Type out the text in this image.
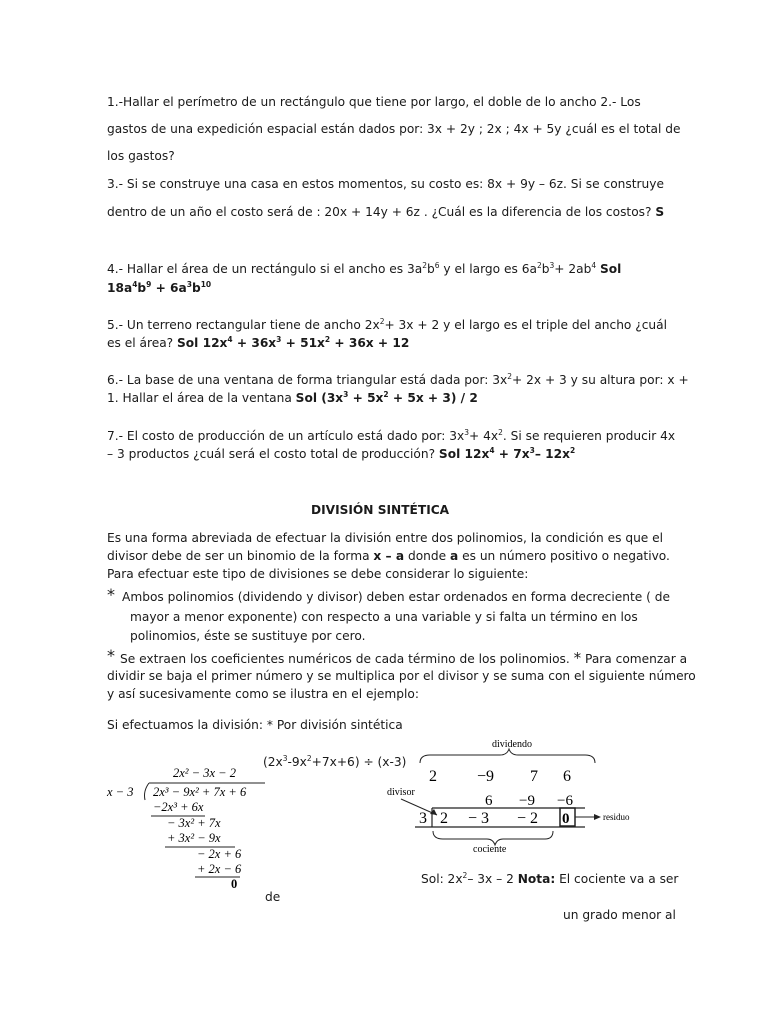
1.-Hallar el perímetro de un rectángulo que tiene por largo, el doble de lo ancho 2.- Los
gastos de una expedición espacial están dados por: 3x + 2y ; 2x ; 4x + 5y ¿cuál es el total de
los gastos?
3.- Si se construye una casa en estos momentos, su costo es: 8x + 9y – 6z. Si se construye
dentro de un año el costo será de : 20x + 14y + 6z . ¿Cuál es la diferencia de los costos? S
4.- Hallar el área de un rectángulo si el ancho es $3a^2b^6$ y el largo es $6a^2b^3+ 2ab^4$ Sol
$18a^4b^9 + 6a^3b^{10}$
5.- Un terreno rectangular tiene de ancho $2x^2+ 3x + 2$ y el largo es el triple del ancho ¿cuál
es el área? Sol $12x^4 + 36x^3 + 51x^2 + 36x + 12$
6.- La base de una ventana de forma triangular está dada por: $3x^2+ 2x + 3$ y su altura por: x +
1. Hallar el área de la ventana Sol $(3x^3 + 5x^2 + 5x + 3) / 2$
7.- El costo de producción de un artículo está dado por: $3x^3+ 4x^2$. Si se requieren producir 4x
– 3 productos ¿cuál será el costo total de producción? Sol $12x^4 + 7x^3-$ $12x^2$
DIVISIÓN SINTÉTICA
Es una forma abreviada de efectuar la división entre dos polinomios, la condición es que el
divisor debe de ser un binomio de la forma x – a donde a es un número positivo o negativo.
Para efectuar este tipo de divisiones se debe considerar lo siguiente:
* Ambos polinomios (dividendo y divisor) deben estar ordenados en forma decreciente ( de
mayor a menor exponente) con respecto a una variable y si falta un término en los
polinomios, éste se sustituye por cero.
* Se extraen los coeficientes numéricos de cada término de los polinomios. * Para comenzar a
dividir se baja el primer número y se multiplica por el divisor y se suma con el siguiente número
y así sucesivamente como se ilustra en el ejemplo:
Si efectuamos la división: * Por división sintética
$(2x^3-9x^2+7x+6) \div (x-3)$
2x² − 3x − 2
x − 3 2x³ − 9x² + 7x + 6
−2x³ + 6x
− 3x² + 7x
+ 3x² − 9x
− 2x + 6
+ 2x − 6
0
dividendo
2	−9 7 6
divisor
6 −9 −6
3 2 − 3 − 2 0	residuo
cociente
Sol: $2x^2-$ 3x – 2 Nota: El cociente va a ser
de
un grado menor al
